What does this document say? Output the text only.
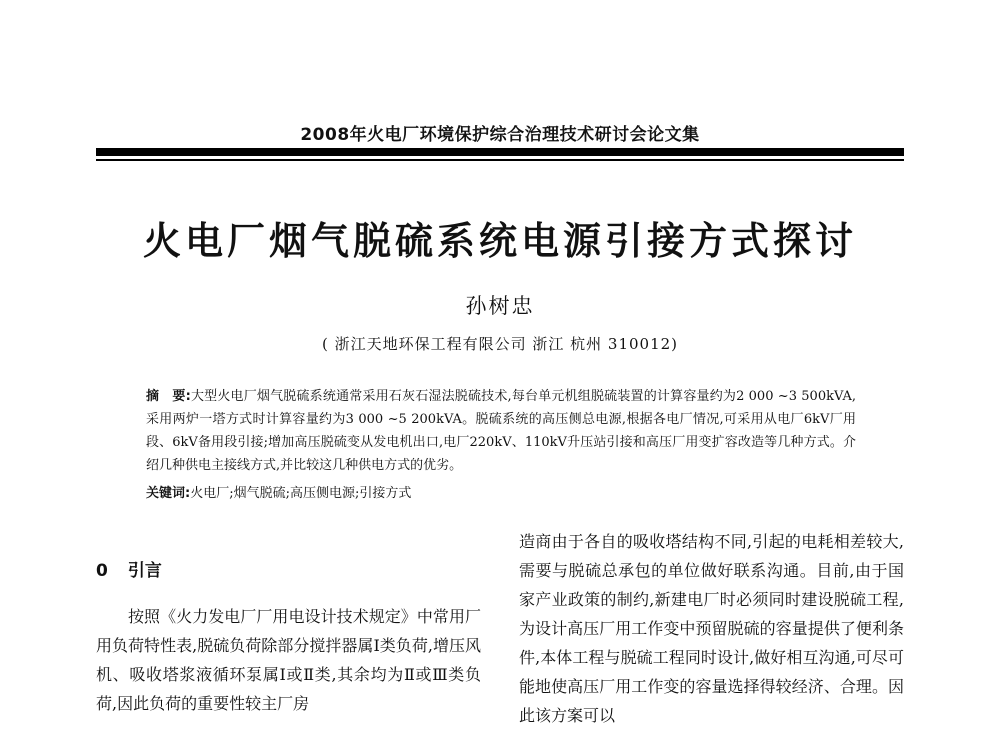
2008年火电厂环境保护综合治理技术研讨会论文集
火电厂烟气脱硫系统电源引接方式探讨
孙树忠
( 浙江天地环保工程有限公司 浙江 杭州 310012)
摘　要:大型火电厂烟气脱硫系统通常采用石灰石湿法脱硫技术,每台单元机组脱硫装置的计算容量约为2 000 ~3 500kVA,采用两炉一塔方式时计算容量约为3 000 ~5 200kVA。脱硫系统的高压侧总电源,根据各电厂情况,可采用从电厂6kV厂用段、6kV备用段引接;增加高压脱硫变从发电机出口,电厂220kV、110kV升压站引接和高压厂用变扩容改造等几种方式。介绍几种供电主接线方式,并比较这几种供电方式的优劣。
关键词:火电厂;烟气脱硫;高压侧电源;引接方式
0 引言
按照《火力发电厂厂用电设计技术规定》中常用厂用负荷特性表,脱硫负荷除部分搅拌器属Ⅰ类负荷,增压风机、吸收塔浆液循环泵属Ⅰ或Ⅱ类,其余均为Ⅱ或Ⅲ类负荷,因此负荷的重要性较主厂房
造商由于各自的吸收塔结构不同,引起的电耗相差较大,需要与脱硫总承包的单位做好联系沟通。目前,由于国家产业政策的制约,新建电厂时必须同时建设脱硫工程,为设计高压厂用工作变中预留脱硫的容量提供了便利条件,本体工程与脱硫工程同时设计,做好相互沟通,可尽可能地使高压厂用工作变的容量选择得较经济、合理。因此该方案可以
